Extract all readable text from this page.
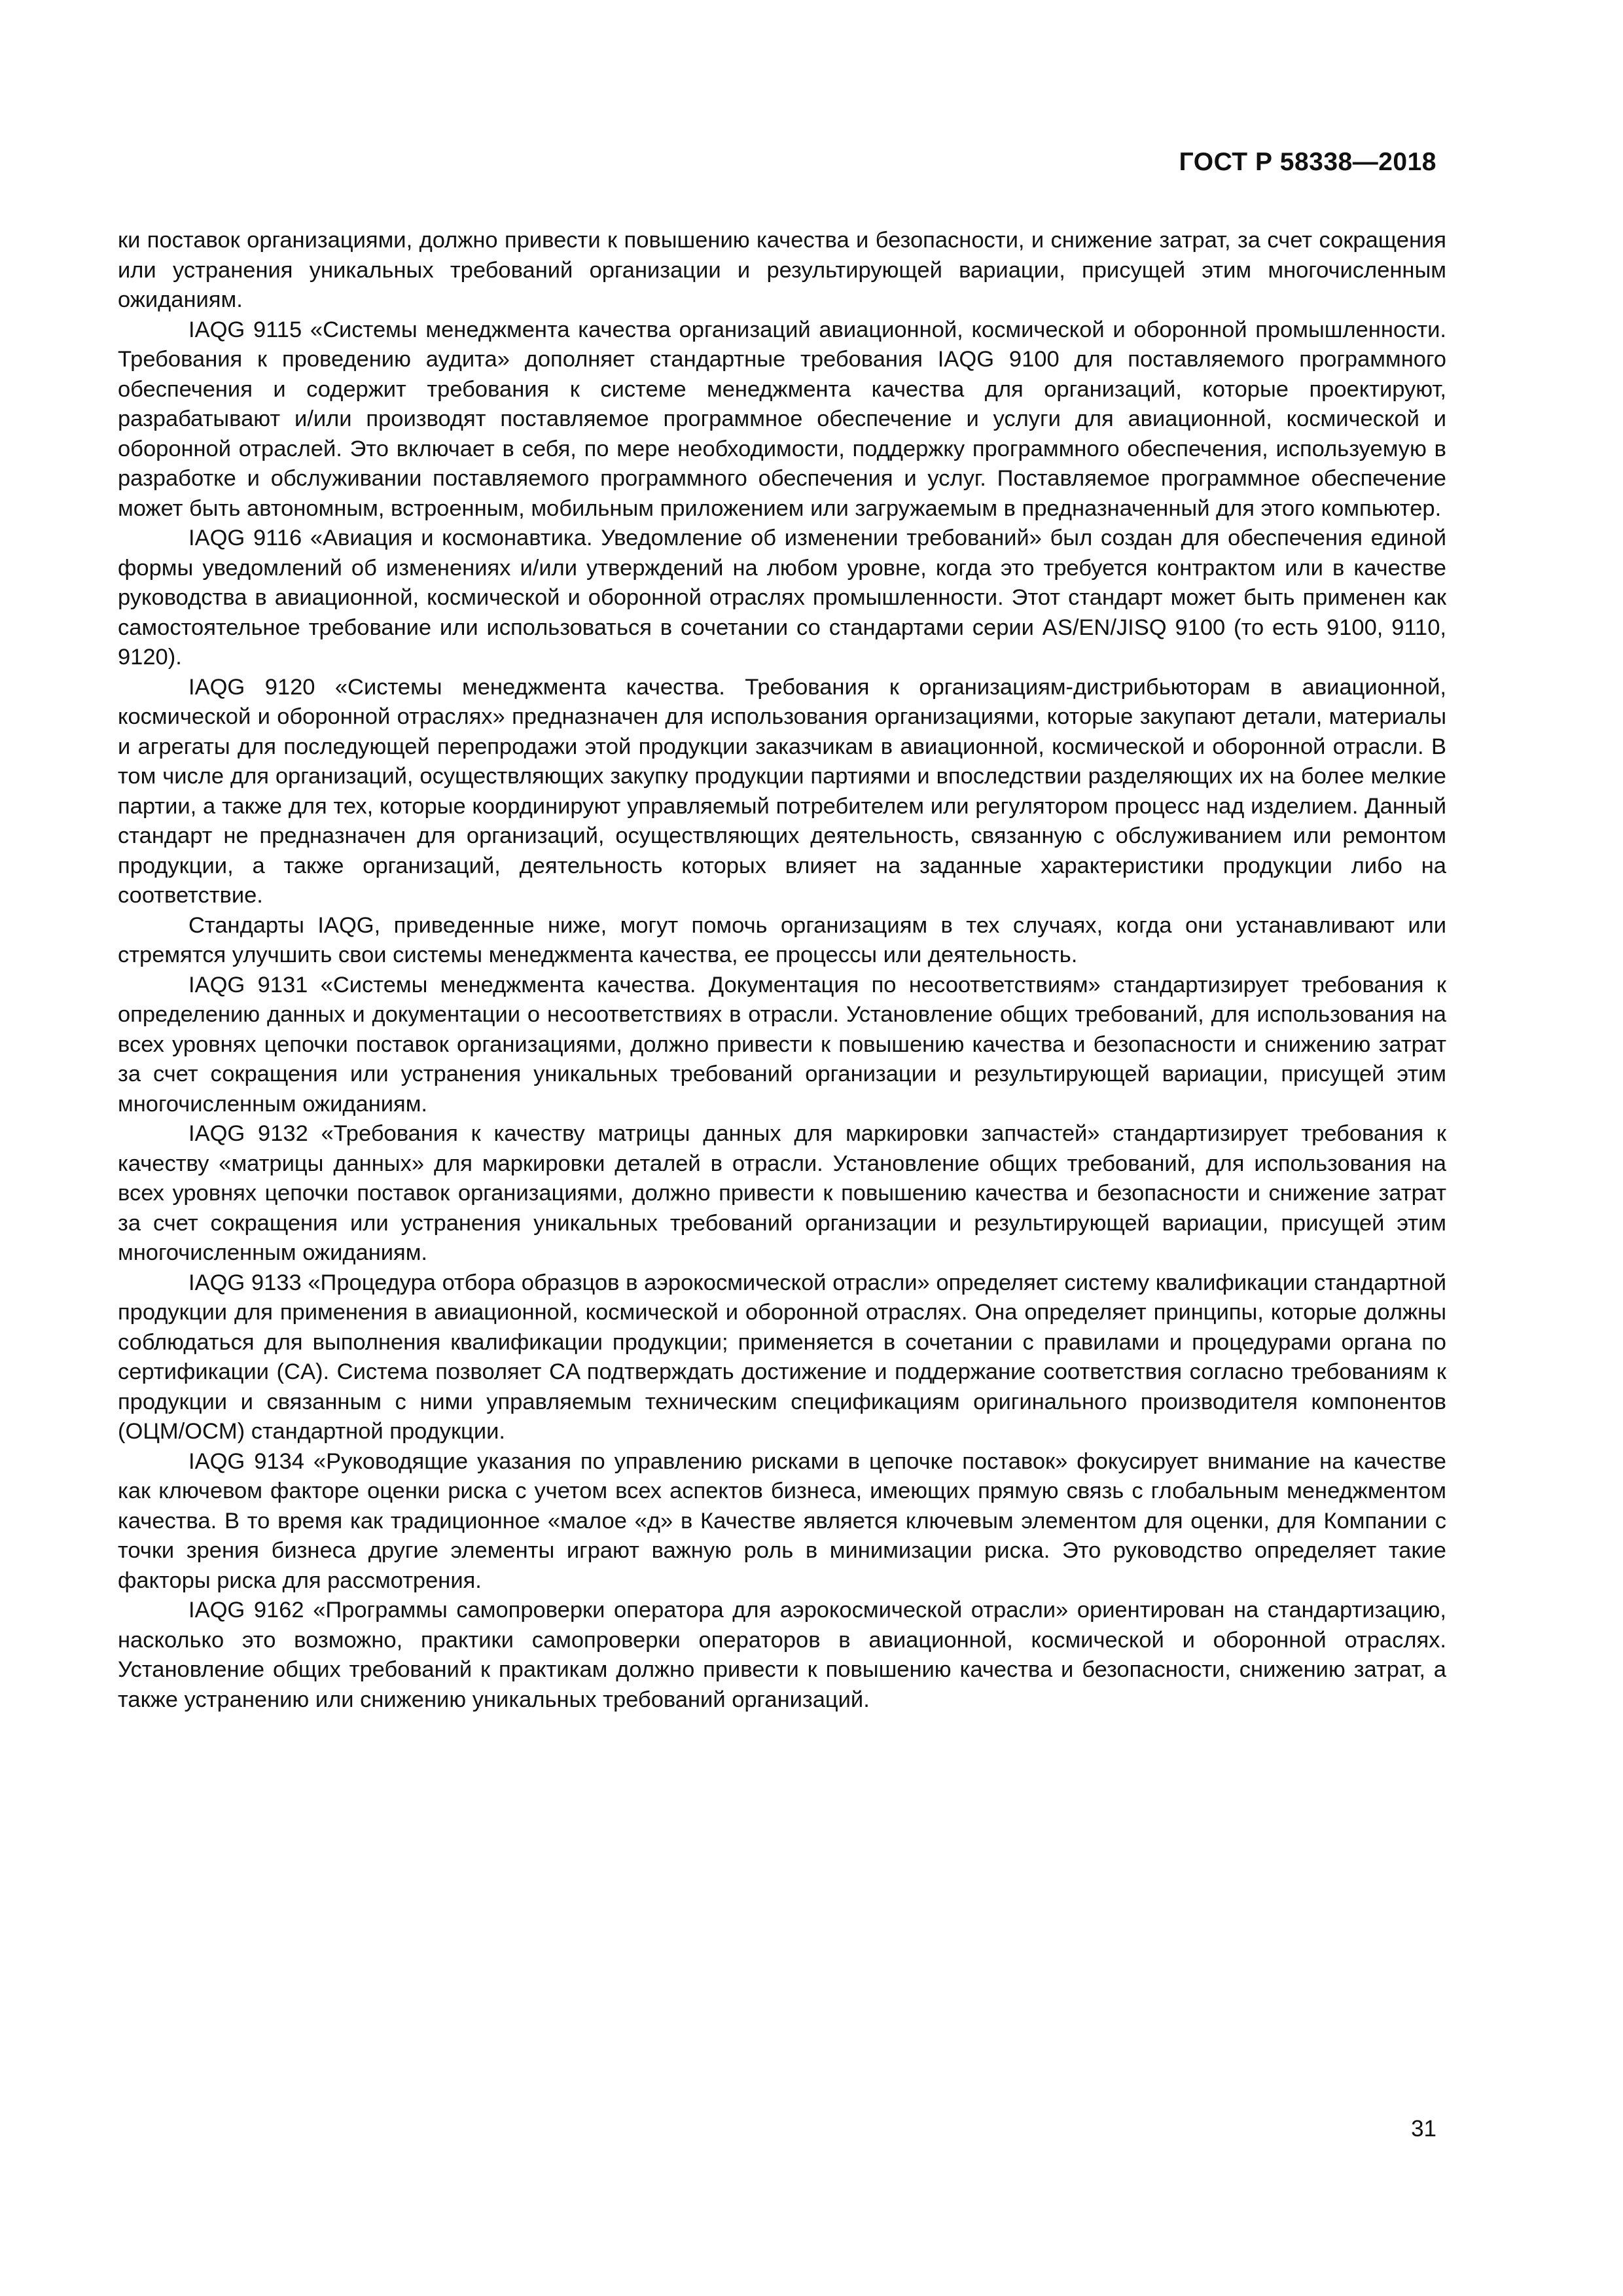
ГОСТ Р 58338—2018

ки поставок организациями, должно привести к повышению качества и безопасности, и снижение затрат, за счет сокращения или устранения уникальных требований организации и результирующей вариации, присущей этим многочисленным ожиданиям.

IAQG 9115 «Системы менеджмента качества организаций авиационной, космической и оборонной промышленности. Требования к проведению аудита» дополняет стандартные требования IAQG 9100 для поставляемого программного обеспечения и содержит требования к системе менеджмента качества для организаций, которые проектируют, разрабатывают и/или производят поставляемое программное обеспечение и услуги для авиационной, космической и оборонной отраслей. Это включает в себя, по мере необходимости, поддержку программного обеспечения, используемую в разработке и обслуживании поставляемого программного обеспечения и услуг. Поставляемое программное обеспечение может быть автономным, встроенным, мобильным приложением или загружаемым в предназначенный для этого компьютер.

IAQG 9116 «Авиация и космонавтика. Уведомление об изменении требований» был создан для обеспечения единой формы уведомлений об изменениях и/или утверждений на любом уровне, когда это требуется контрактом или в качестве руководства в авиационной, космической и оборонной отраслях промышленности. Этот стандарт может быть применен как самостоятельное требование или использоваться в сочетании со стандартами серии AS/EN/JISQ 9100 (то есть 9100, 9110, 9120).

IAQG 9120 «Системы менеджмента качества. Требования к организациям-дистрибьюторам в авиационной, космической и оборонной отраслях» предназначен для использования организациями, которые закупают детали, материалы и агрегаты для последующей перепродажи этой продукции заказчикам в авиационной, космической и оборонной отрасли. В том числе для организаций, осуществляющих закупку продукции партиями и впоследствии разделяющих их на более мелкие партии, а также для тех, которые координируют управляемый потребителем или регулятором процесс над изделием. Данный стандарт не предназначен для организаций, осуществляющих деятельность, связанную с обслуживанием или ремонтом продукции, а также организаций, деятельность которых влияет на заданные характеристики продукции либо на соответствие.

Стандарты IAQG, приведенные ниже, могут помочь организациям в тех случаях, когда они устанавливают или стремятся улучшить свои системы менеджмента качества, ее процессы или деятельность.

IAQG 9131 «Системы менеджмента качества. Документация по несоответствиям» стандартизирует требования к определению данных и документации о несоответствиях в отрасли. Установление общих требований, для использования на всех уровнях цепочки поставок организациями, должно привести к повышению качества и безопасности и снижению затрат за счет сокращения или устранения уникальных требований организации и результирующей вариации, присущей этим многочисленным ожиданиям.

IAQG 9132 «Требования к качеству матрицы данных для маркировки запчастей» стандартизирует требования к качеству «матрицы данных» для маркировки деталей в отрасли. Установление общих требований, для использования на всех уровнях цепочки поставок организациями, должно привести к повышению качества и безопасности и снижение затрат за счет сокращения или устранения уникальных требований организации и результирующей вариации, присущей этим многочисленным ожиданиям.

IAQG 9133 «Процедура отбора образцов в аэрокосмической отрасли» определяет систему квалификации стандартной продукции для применения в авиационной, космической и оборонной отраслях. Она определяет принципы, которые должны соблюдаться для выполнения квалификации продукции; применяется в сочетании с правилами и процедурами органа по сертификации (CA). Система позволяет CA подтверждать достижение и поддержание соответствия согласно требованиям к продукции и связанным с ними управляемым техническим спецификациям оригинального производителя компонентов (ОЦМ/OCM) стандартной продукции.

IAQG 9134 «Руководящие указания по управлению рисками в цепочке поставок» фокусирует внимание на качестве как ключевом факторе оценки риска с учетом всех аспектов бизнеса, имеющих прямую связь с глобальным менеджментом качества. В то время как традиционное «малое «д» в Качестве является ключевым элементом для оценки, для Компании с точки зрения бизнеса другие элементы играют важную роль в минимизации риска. Это руководство определяет такие факторы риска для рассмотрения.

IAQG 9162 «Программы самопроверки оператора для аэрокосмической отрасли» ориентирован на стандартизацию, насколько это возможно, практики самопроверки операторов в авиационной, космической и оборонной отраслях. Установление общих требований к практикам должно привести к повышению качества и безопасности, снижению затрат, а также устранению или снижению уникальных требований организаций.

31
